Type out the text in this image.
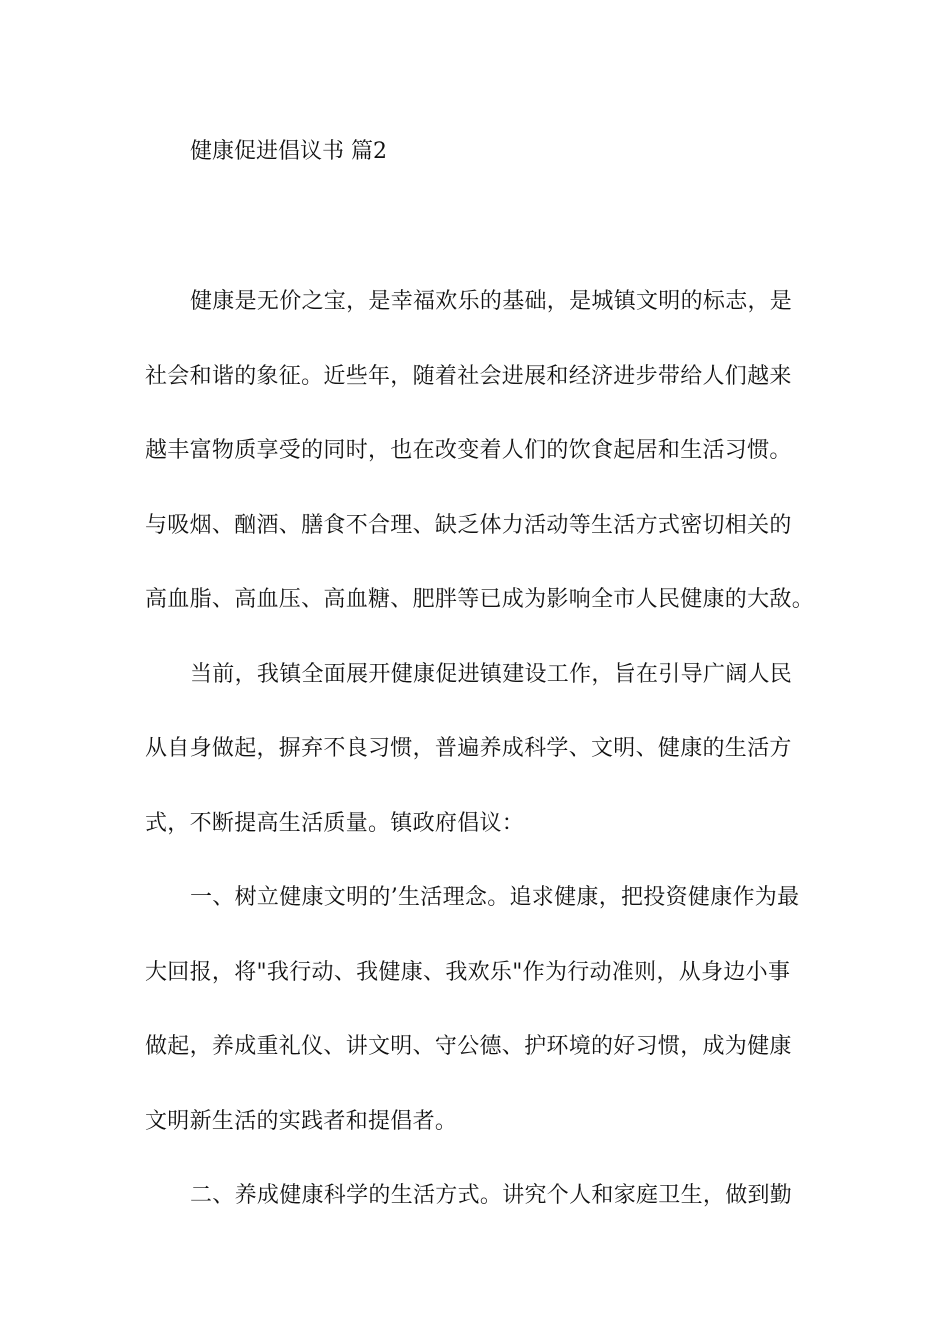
健康促进倡议书 篇2
健康是无价之宝，是幸福欢乐的基础，是城镇文明的标志，是
社会和谐的象征。近些年，随着社会进展和经济进步带给人们越来
越丰富物质享受的同时，也在改变着人们的饮食起居和生活习惯。
与吸烟、酗酒、膳食不合理、缺乏体力活动等生活方式密切相关的
高血脂、高血压、高血糖、肥胖等已成为影响全市人民健康的大敌。
当前，我镇全面展开健康促进镇建设工作，旨在引导广阔人民
从自身做起，摒弃不良习惯，普遍养成科学、文明、健康的生活方
式，不断提高生活质量。镇政府倡议：
一、树立健康文明的’生活理念。追求健康，把投资健康作为最
大回报，将"我行动、我健康、我欢乐"作为行动准则，从身边小事
做起，养成重礼仪、讲文明、守公德、护环境的好习惯，成为健康
文明新生活的实践者和提倡者。
二、养成健康科学的生活方式。讲究个人和家庭卫生，做到勤
